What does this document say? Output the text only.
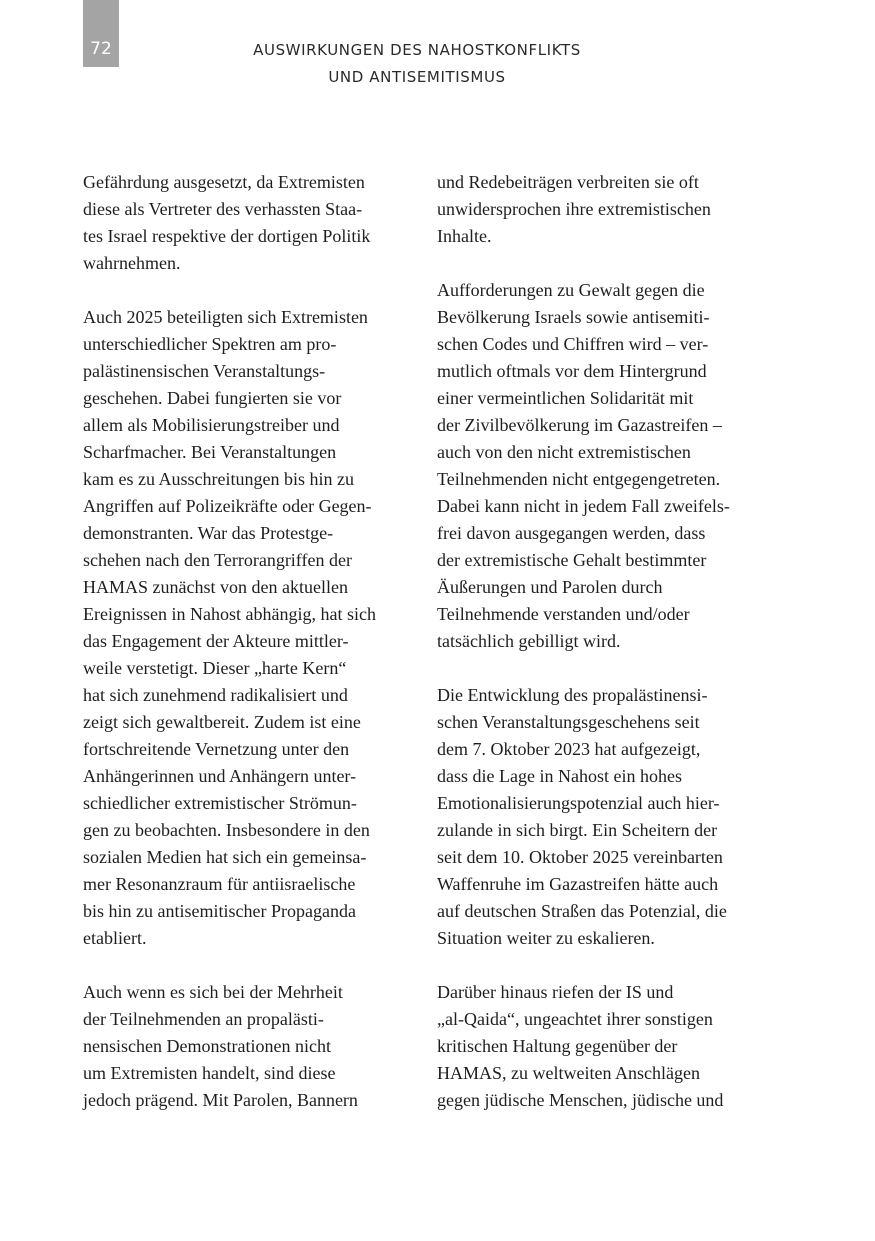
72	AUSWIRKUNGEN DES NAHOSTKONFLIKTS
UND ANTISEMITISMUS

Gefährdung ausgesetzt, da Extremisten
diese als Vertreter des verhassten Staa-
tes Israel respektive der dortigen Politik
wahrnehmen.

Auch 2025 beteiligten sich Extremisten
unterschiedlicher Spektren am pro-
palästinensischen Veranstaltungs-
geschehen. Dabei fungierten sie vor
allem als Mobilisierungstreiber und
Scharfmacher. Bei Veranstaltungen
kam es zu Ausschreitungen bis hin zu
Angriffen auf Polizeikräfte oder Gegen-
demonstranten. War das Protestge-
schehen nach den Terrorangriffen der
HAMAS zunächst von den aktuellen
Ereignissen in Nahost abhängig, hat sich
das Engagement der Akteure mittler-
weile verstetigt. Dieser „harte Kern“
hat sich zunehmend radikalisiert und
zeigt sich gewaltbereit. Zudem ist eine
fortschreitende Vernetzung unter den
Anhängerinnen und Anhängern unter-
schiedlicher extremistischer Strömun-
gen zu beobachten. Insbesondere in den
sozialen Medien hat sich ein gemeinsa-
mer Resonanzraum für antiisraelische
bis hin zu antisemitischer Propaganda
etabliert.

Auch wenn es sich bei der Mehrheit
der Teilnehmenden an propalästi-
nensischen Demonstrationen nicht
um Extremisten handelt, sind diese
jedoch prägend. Mit Parolen, Bannern

und Redebeiträgen verbreiten sie oft
unwidersprochen ihre extremistischen
Inhalte.

Aufforderungen zu Gewalt gegen die
Bevölkerung Israels sowie antisemiti-
schen Codes und Chiffren wird – ver-
mutlich oftmals vor dem Hintergrund
einer vermeintlichen Solidarität mit
der Zivilbevölkerung im Gazastreifen –
auch von den nicht extremistischen
Teilnehmenden nicht entgegengetreten.
Dabei kann nicht in jedem Fall zweifels-
frei davon ausgegangen werden, dass
der extremistische Gehalt bestimmter
Äußerungen und Parolen durch
Teilnehmende verstanden und/oder
tatsächlich gebilligt wird.

Die Entwicklung des propalästinensi-
schen Veranstaltungsgeschehens seit
dem 7. Oktober 2023 hat aufgezeigt,
dass die Lage in Nahost ein hohes
Emotionalisierungspotenzial auch hier-
zulande in sich birgt. Ein Scheitern der
seit dem 10. Oktober 2025 vereinbarten
Waffenruhe im Gazastreifen hätte auch
auf deutschen Straßen das Potenzial, die
Situation weiter zu eskalieren.

Darüber hinaus riefen der IS und
„al-Qaida“, ungeachtet ihrer sonstigen
kritischen Haltung gegenüber der
HAMAS, zu weltweiten Anschlägen
gegen jüdische Menschen, jüdische und
